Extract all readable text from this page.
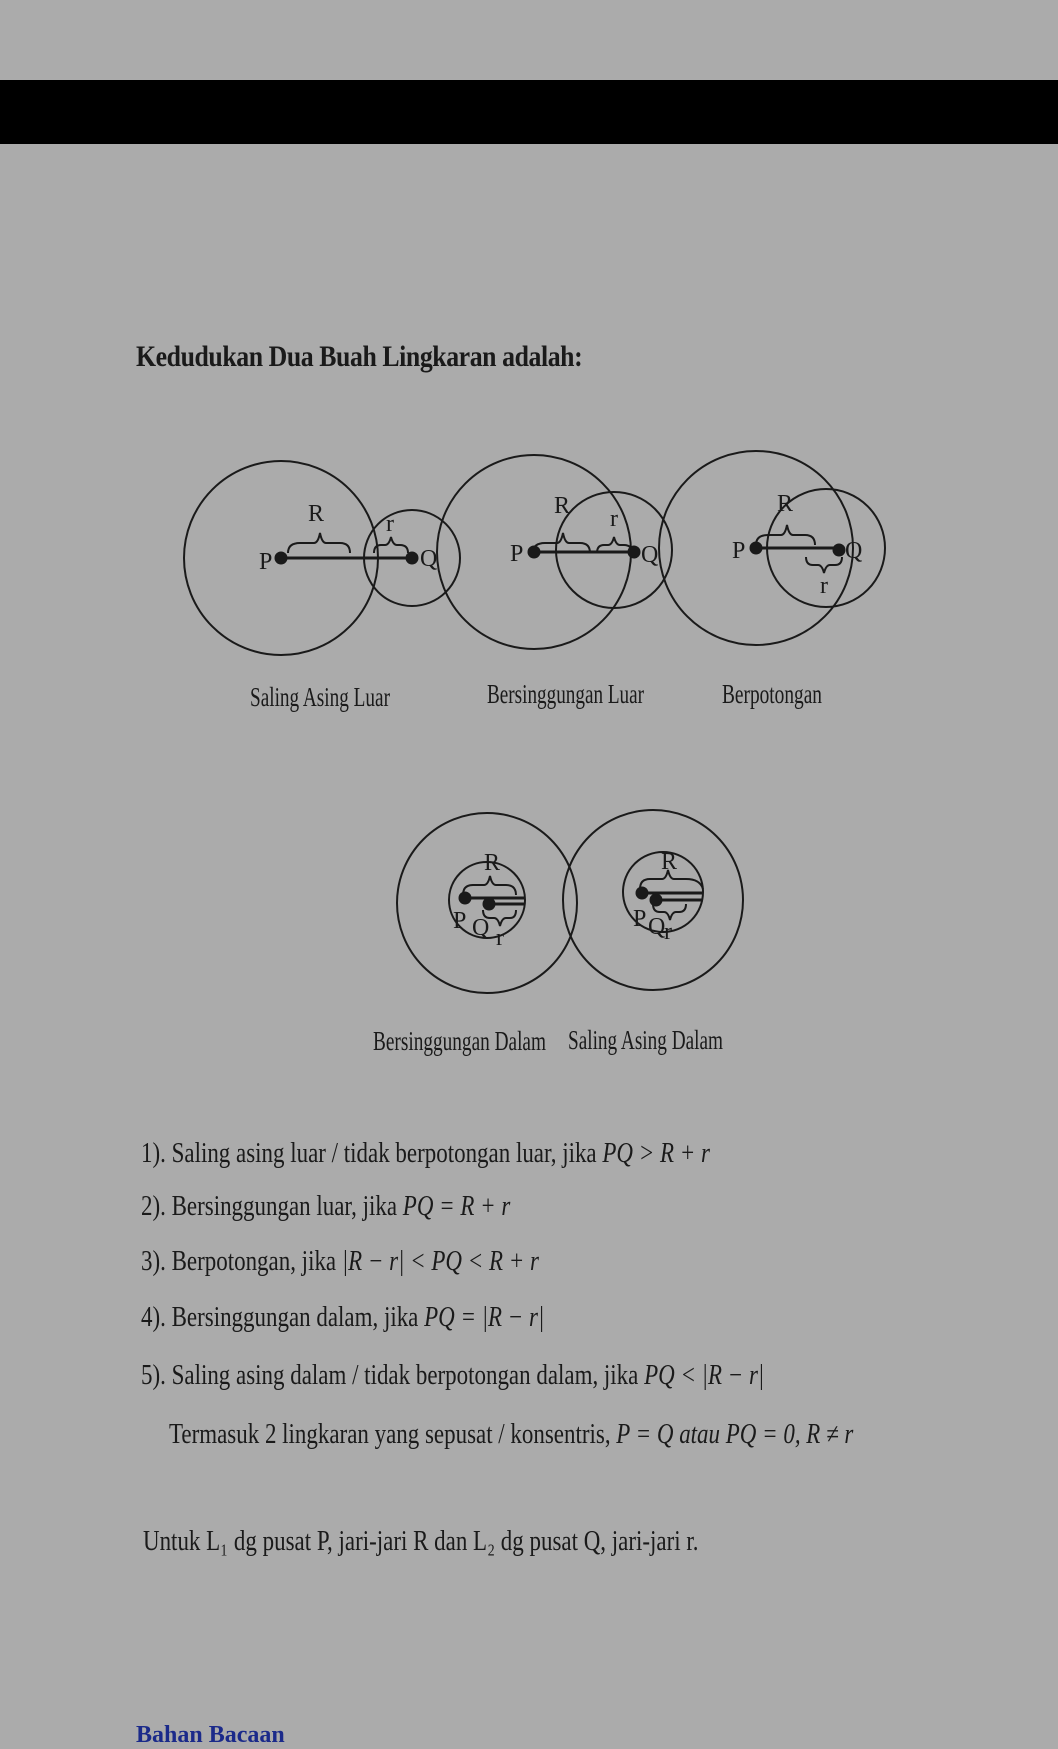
Kedudukan Dua Buah Lingkaran adalah:
P	Q
R	r
P	Q
R r
P	Q
R
r
P Q
R
r
P Q
R
r
Saling Asing Luar	Bersinggungan Luar	Berpotongan
Bersinggungan Dalam Saling Asing Dalam
1). Saling asing luar / tidak berpotongan luar, jika PQ > R + r
2). Bersinggungan luar, jika PQ = R + r
3). Berpotongan, jika |R − r| < PQ < R + r
4). Bersinggungan dalam, jika PQ = |R − r|
5). Saling asing dalam / tidak berpotongan dalam, jika PQ < |R − r|
Termasuk 2 lingkaran yang sepusat / konsentris, P = Q atau PQ = 0, R ≠ r
Untuk L₁ dg pusat P, jari-jari R dan L₂ dg pusat Q, jari-jari r.
Bahan Bacaan
